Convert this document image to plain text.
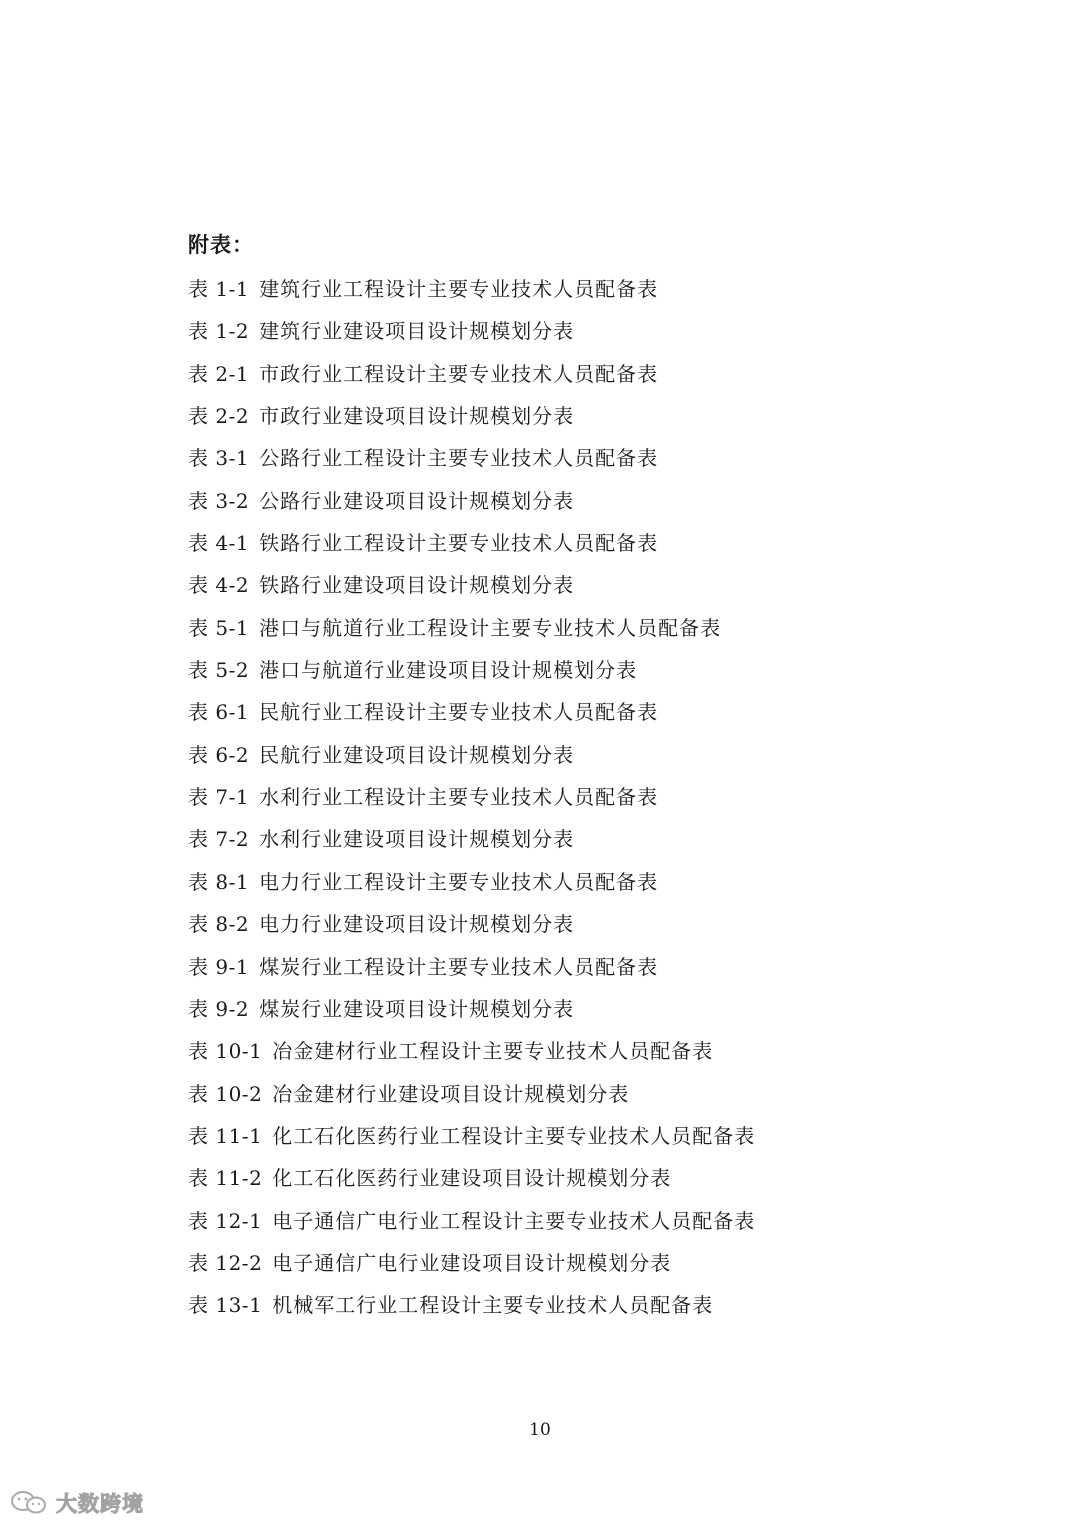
附表：
表 1-1 建筑行业工程设计主要专业技术人员配备表
表 1-2 建筑行业建设项目设计规模划分表
表 2-1 市政行业工程设计主要专业技术人员配备表
表 2-2 市政行业建设项目设计规模划分表
表 3-1 公路行业工程设计主要专业技术人员配备表
表 3-2 公路行业建设项目设计规模划分表
表 4-1 铁路行业工程设计主要专业技术人员配备表
表 4-2 铁路行业建设项目设计规模划分表
表 5-1 港口与航道行业工程设计主要专业技术人员配备表
表 5-2 港口与航道行业建设项目设计规模划分表
表 6-1 民航行业工程设计主要专业技术人员配备表
表 6-2 民航行业建设项目设计规模划分表
表 7-1 水利行业工程设计主要专业技术人员配备表
表 7-2 水利行业建设项目设计规模划分表
表 8-1 电力行业工程设计主要专业技术人员配备表
表 8-2 电力行业建设项目设计规模划分表
表 9-1 煤炭行业工程设计主要专业技术人员配备表
表 9-2 煤炭行业建设项目设计规模划分表
表 10-1 冶金建材行业工程设计主要专业技术人员配备表
表 10-2 冶金建材行业建设项目设计规模划分表
表 11-1 化工石化医药行业工程设计主要专业技术人员配备表
表 11-2 化工石化医药行业建设项目设计规模划分表
表 12-1 电子通信广电行业工程设计主要专业技术人员配备表
表 12-2 电子通信广电行业建设项目设计规模划分表
表 13-1 机械军工行业工程设计主要专业技术人员配备表
10
大数跨境
